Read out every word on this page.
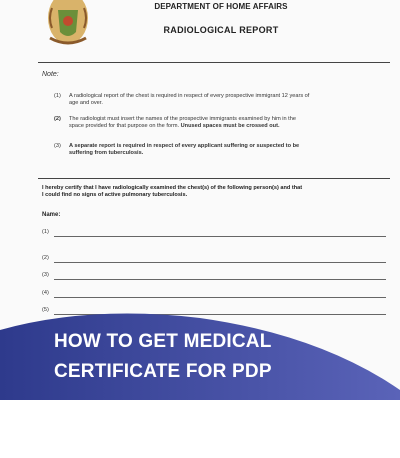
DEPARTMENT OF HOME AFFAIRS
RADIOLOGICAL REPORT
Note:
(1) A radiological report of the chest is required in respect of every prospective immigrant 12 years of
age and over.
(2) The radiologist must insert the names of the prospective immigrants examined by him in the
space provided for that purpose on the form. Unused spaces must be crossed out.
(3) A separate report is required in respect of every applicant suffering or suspected to be
suffering from tuberculosis.
I hereby certify that I have radiologically examined the chest(s) of the following person(s) and that
I could find no signs of active pulmonary tuberculosis.
Name:
(1)
(2)
(3)
(4)
(5)
HOW TO GET MEDICAL
CERTIFICATE FOR PDP
